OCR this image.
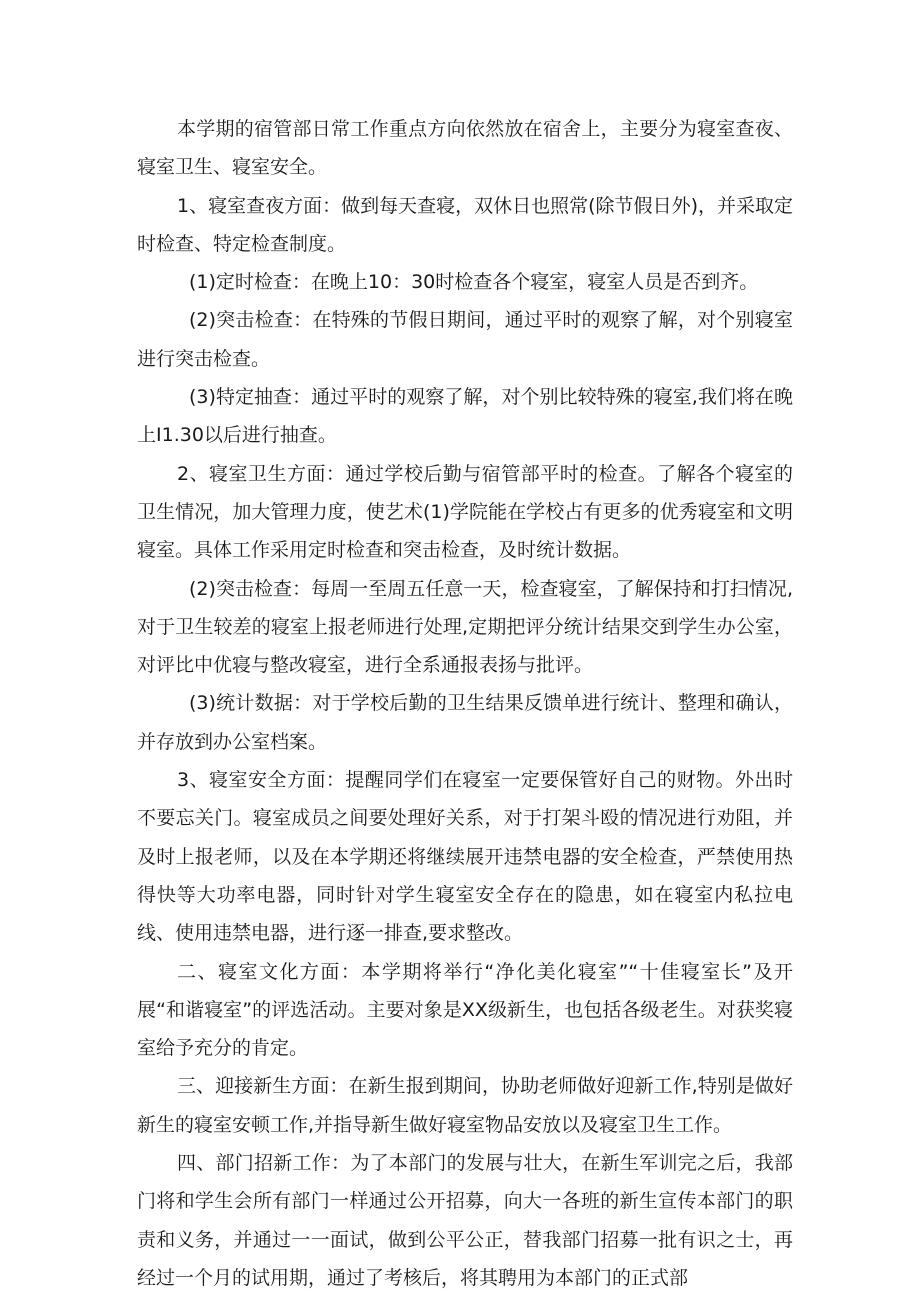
本学期的宿管部日常工作重点方向依然放在宿舍上，主要分为寝室查夜、寝室卫生、寝室安全。

1、寝室查夜方面：做到每天查寝，双休日也照常(除节假日外)，并采取定时检查、特定检查制度。

(1)定时检查：在晚上10：30时检查各个寝室，寝室人员是否到齐。

(2)突击检查：在特殊的节假日期间，通过平时的观察了解，对个别寝室进行突击检查。

(3)特定抽查：通过平时的观察了解，对个别比较特殊的寝室,我们将在晚上I1.30以后进行抽查。

2、寝室卫生方面：通过学校后勤与宿管部平时的检查。了解各个寝室的卫生情况，加大管理力度，使艺术(1)学院能在学校占有更多的优秀寝室和文明寝室。具体工作采用定时检查和突击检查，及时统计数据。

(2)突击检查：每周一至周五任意一天，检查寝室，了解保持和打扫情况,对于卫生较差的寝室上报老师进行处理,定期把评分统计结果交到学生办公室，对评比中优寝与整改寝室，进行全系通报表扬与批评。

(3)统计数据：对于学校后勤的卫生结果反馈单进行统计、整理和确认，并存放到办公室档案。

3、寝室安全方面：提醒同学们在寝室一定要保管好自己的财物。外出时不要忘关门。寝室成员之间要处理好关系，对于打架斗殴的情况进行劝阻，并及时上报老师，以及在本学期还将继续展开违禁电器的安全检查，严禁使用热得快等大功率电器，同时针对学生寝室安全存在的隐患，如在寝室内私拉电线、使用违禁电器，进行逐一排查,要求整改。

二、寝室文化方面：本学期将举行“净化美化寝室”“十佳寝室长”及开展“和谐寝室”的评选活动。主要对象是XX级新生，也包括各级老生。对获奖寝室给予充分的肯定。

三、迎接新生方面：在新生报到期间，协助老师做好迎新工作,特别是做好新生的寝室安顿工作,并指导新生做好寝室物品安放以及寝室卫生工作。

四、部门招新工作：为了本部门的发展与壮大，在新生军训完之后，我部门将和学生会所有部门一样通过公开招募，向大一各班的新生宣传本部门的职责和义务，并通过一一面试，做到公平公正，替我部门招募一批有识之士，再经过一个月的试用期，通过了考核后，将其聘用为本部门的正式部
